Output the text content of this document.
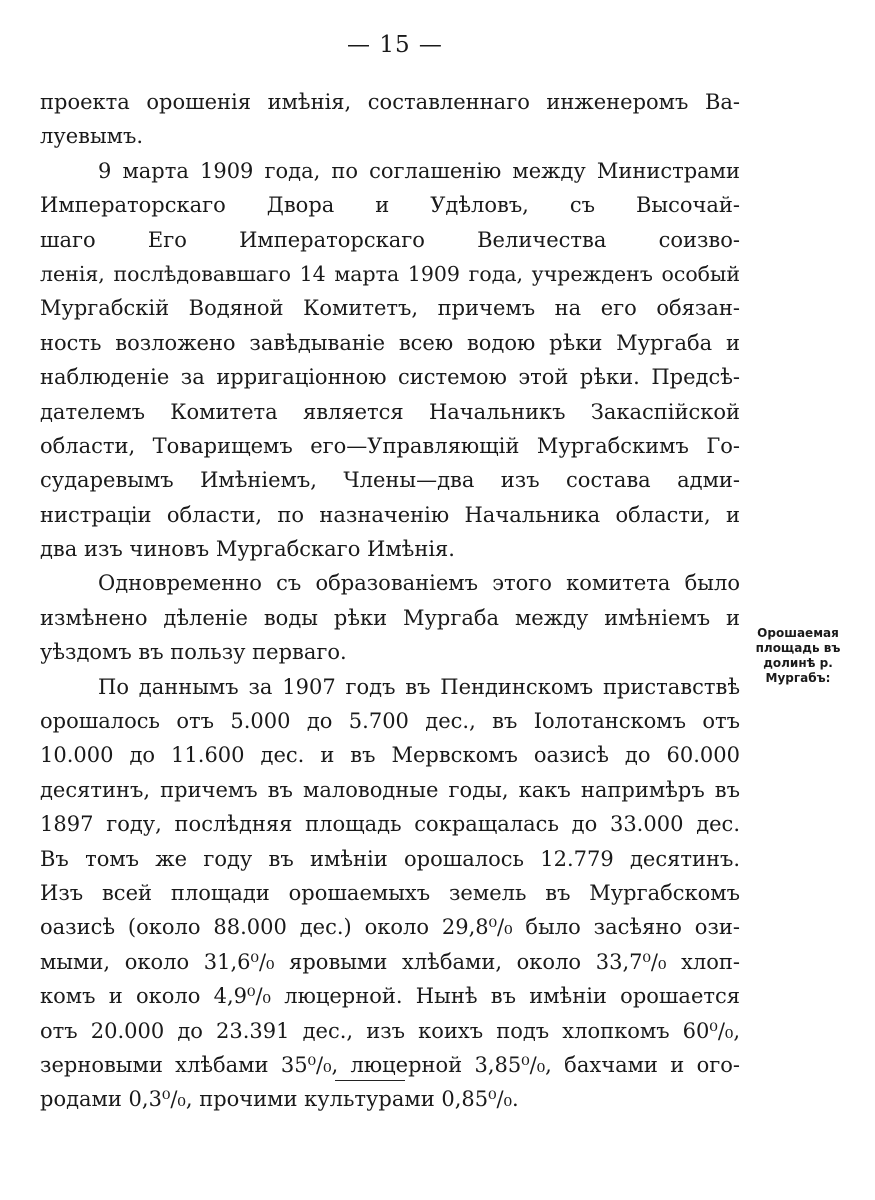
— 15 —
проекта орошенія имѣнія, составленнаго инженеромъ Ва-
луевымъ.
9 марта 1909 года, по соглашенію между Министрами
Императорскаго Двора и Удѣловъ, съ Высочай-
шаго Его Императорскаго Величества соизво-
ленія, послѣдовавшаго 14 марта 1909 года, учрежденъ особый
Мургабскій Водяной Комитетъ, причемъ на его обязан-
ность возложено завѣдываніе всею водою рѣки Мургаба и
наблюденіе за ирригаціонною системою этой рѣки. Предсѣ-
дателемъ Комитета является Начальникъ Закаспійской
области, Товарищемъ его—Управляющій Мургабскимъ Го-
сударевымъ Имѣніемъ, Члены—два изъ состава адми-
нистраціи области, по назначенію Начальника области, и
два изъ чиновъ Мургабскаго Имѣнія.
Одновременно съ образованіемъ этого комитета было
измѣнено дѣленіе воды рѣки Мургаба между имѣніемъ и
уѣздомъ въ пользу перваго.
По даннымъ за 1907 годъ въ Пендинскомъ приставствѣ
орошалось отъ 5.000 до 5.700 дес., въ Іолотанскомъ отъ
10.000 до 11.600 дес. и въ Мервскомъ оазисѣ до 60.000
десятинъ, причемъ въ маловодные годы, какъ напримѣръ въ
1897 году, послѣдняя площадь сокращалась до 33.000 дес.
Въ томъ же году въ имѣніи орошалось 12.779 десятинъ.
Изъ всей площади орошаемыхъ земель въ Мургабскомъ
оазисѣ (около 88.000 дес.) около 29,8⁰/₀ было засѣяно ози-
мыми, около 31,6⁰/₀ яровыми хлѣбами, около 33,7⁰/₀ хлоп-
комъ и около 4,9⁰/₀ люцерной. Нынѣ въ имѣніи орошается
отъ 20.000 до 23.391 дес., изъ коихъ подъ хлопкомъ 60⁰/₀,
зерновыми хлѣбами 35⁰/₀, люцерной 3,85⁰/₀, бахчами и ого-
родами 0,3⁰/₀, прочими культурами 0,85⁰/₀.
Орошаемая площадь въ долинѣ р. Мургабъ:
